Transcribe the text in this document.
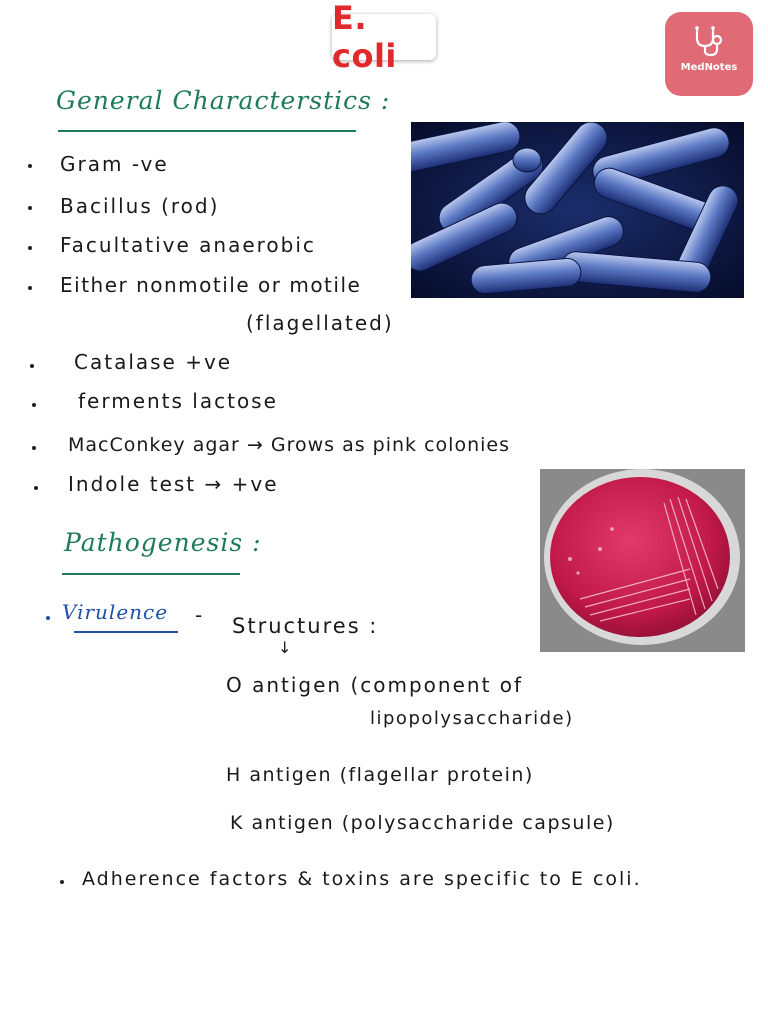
E. coli	MedNotes
General Characterstics :
Gram -ve
Bacillus (rod)
Facultative anaerobic
Either nonmotile or motile
(flagellated)
Catalase +ve
ferments lactose
MacConkey agar → Grows as pink colonies
Indole test → +ve
Pathogenesis :
Virulence - Structures :
↓
O antigen (component of
lipopolysaccharide)
H antigen (flagellar protein)
K antigen (polysaccharide capsule)
Adherence factors & toxins are specific to E coli.
